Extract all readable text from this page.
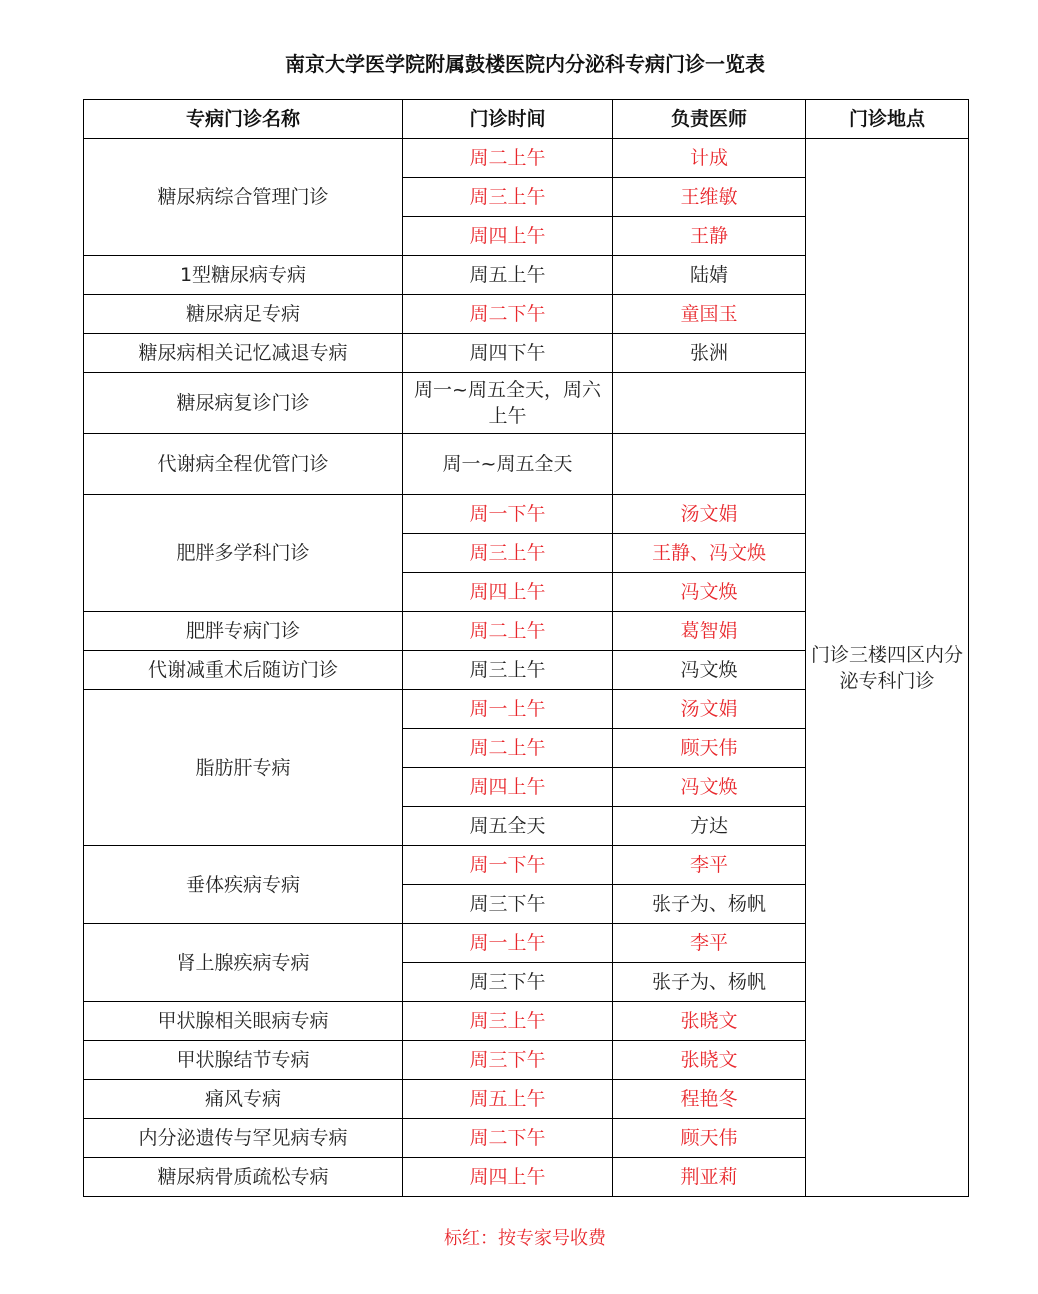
南京大学医学院附属鼓楼医院内分泌科专病门诊一览表
专病门诊名称	门诊时间	负责医师	门诊地点
糖尿病综合管理门诊	周二上午	计成	门诊三楼四区内分泌专科门诊
	周三上午	王维敏	
	周四上午	王静	
1型糖尿病专病	周五上午	陆婧	
糖尿病足专病	周二下午	童国玉	
糖尿病相关记忆减退专病	周四下午	张洲	
糖尿病复诊门诊	周一~周五全天，周六上午		
代谢病全程优管门诊	周一~周五全天		
肥胖多学科门诊	周一下午	汤文娟	
	周三上午	王静、冯文焕	
	周四上午	冯文焕	
肥胖专病门诊	周二上午	葛智娟	
代谢减重术后随访门诊	周三上午	冯文焕	
脂肪肝专病	周一上午	汤文娟	
	周二上午	顾天伟	
	周四上午	冯文焕	
	周五全天	方达	
垂体疾病专病	周一下午	李平	
	周三下午	张子为、杨帆	
肾上腺疾病专病	周一上午	李平	
	周三下午	张子为、杨帆	
甲状腺相关眼病专病	周三上午	张晓文	
甲状腺结节专病	周三下午	张晓文	
痛风专病	周五上午	程艳冬	
内分泌遗传与罕见病专病	周二下午	顾天伟	
糖尿病骨质疏松专病	周四上午	荆亚莉	
标红：按专家号收费
